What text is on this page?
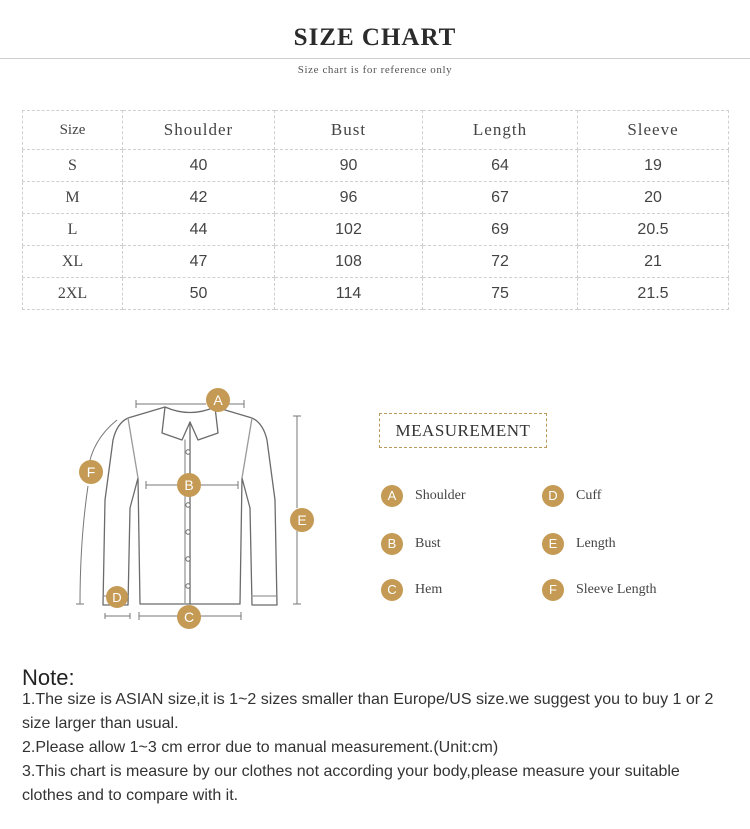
SIZE CHART
Size chart is for reference only
Size	Shoulder	Bust	Length	Sleeve
S	40	90	64	19
M	42	96	67	20
L	44	102	69	20.5
XL	47	108	72	21
2XL	50	114	75	21.5
A
B
C
D
E
F
MEASUREMENT
A	Shoulder
B	Bust
C	Hem
D	Cuff
E	Length
F	Sleeve Length
Note:

1.The size is ASIAN size,it is 1~2 sizes smaller than Europe/US size.we suggest you to buy 1 or 2 size larger than usual.

2.Please allow 1~3 cm error due to manual measurement.(Unit:cm)

3.This chart is measure by our clothes not according your body,please measure your suitable clothes and to compare with it.
